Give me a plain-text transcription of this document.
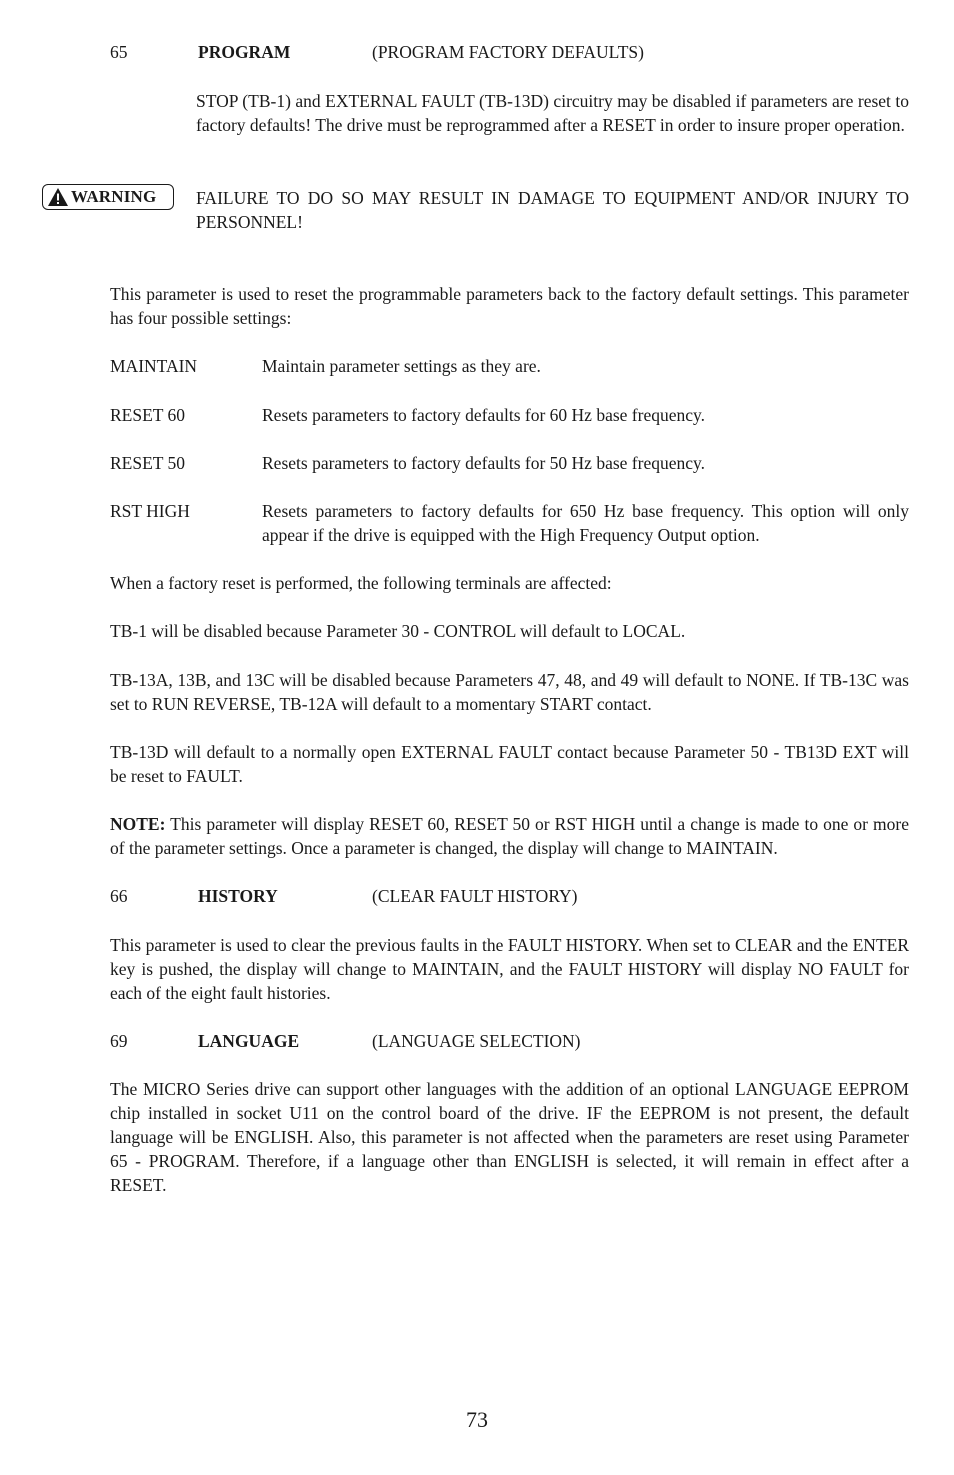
65	PROGRAM	(PROGRAM FACTORY DEFAULTS)
STOP (TB-1) and EXTERNAL FAULT (TB-13D) circuitry may be disabled if parameters are reset to factory defaults! The drive must be reprogrammed after a RESET in order to insure proper operation.
WARNING FAILURE TO DO SO MAY RESULT IN DAMAGE TO EQUIPMENT AND/OR INJURY TO PERSONNEL!
This parameter is used to reset the programmable parameters back to the factory default settings. This parameter has four possible settings:
MAINTAIN	Maintain parameter settings as they are.
RESET 60	Resets parameters to factory defaults for 60 Hz base frequency.
RESET 50	Resets parameters to factory defaults for 50 Hz base frequency.
RST HIGH	Resets parameters to factory defaults for 650 Hz base frequency. This option will only appear if the drive is equipped with the High Frequency Output option.
When a factory reset is performed, the following terminals are affected:
TB-1 will be disabled because Parameter 30 - CONTROL will default to LOCAL.
TB-13A, 13B, and 13C will be disabled because Parameters 47, 48, and 49 will default to NONE. If TB-13C was set to RUN REVERSE, TB-12A will default to a momentary START contact.
TB-13D will default to a normally open EXTERNAL FAULT contact because Parameter 50 - TB13D EXT will be reset to FAULT.
NOTE: This parameter will display RESET 60, RESET 50 or RST HIGH until a change is made to one or more of the parameter settings. Once a parameter is changed, the display will change to MAINTAIN.
66	HISTORY	(CLEAR FAULT HISTORY)
This parameter is used to clear the previous faults in the FAULT HISTORY. When set to CLEAR and the ENTER key is pushed, the display will change to MAINTAIN, and the FAULT HISTORY will display NO FAULT for each of the eight fault histories.
69	LANGUAGE	(LANGUAGE SELECTION)
The MICRO Series drive can support other languages with the addition of an optional LANGUAGE EEPROM chip installed in socket U11 on the control board of the drive. IF the EEPROM is not present, the default language will be ENGLISH. Also, this parameter is not affected when the parameters are reset using Parameter 65 - PROGRAM. Therefore, if a language other than ENGLISH is selected, it will remain in effect after a RESET.
73
